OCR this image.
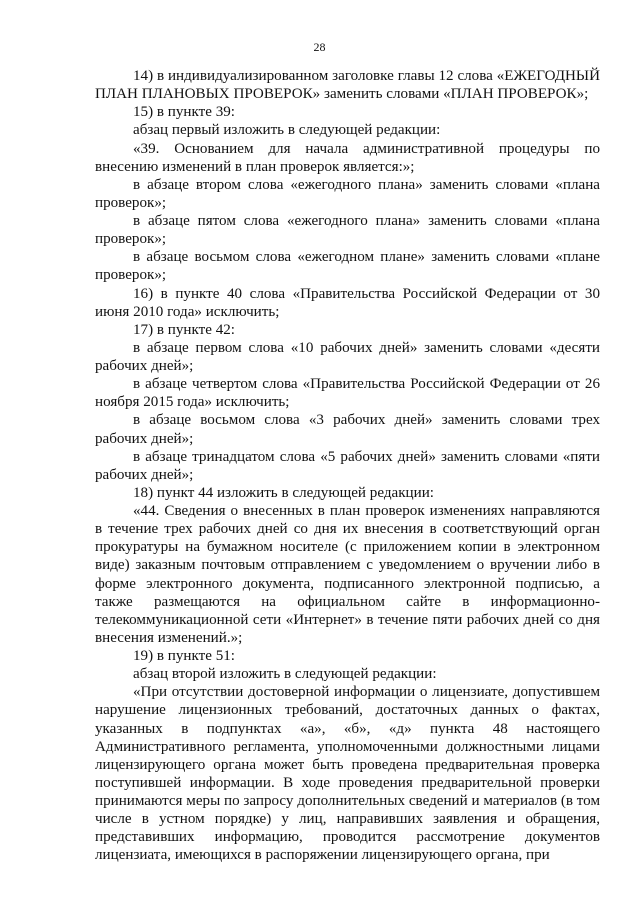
28

14) в индивидуализированном заголовке главы 12 слова «ЕЖЕГОДНЫЙ ПЛАН ПЛАНОВЫХ ПРОВЕРОК» заменить словами «ПЛАН ПРОВЕРОК»;

15) в пункте 39:

абзац первый изложить в следующей редакции:

«39. Основанием для начала административной процедуры по внесению изменений в план проверок является:»;

в абзаце втором слова «ежегодного плана» заменить словами «плана проверок»;

в абзаце пятом слова «ежегодного плана» заменить словами «плана проверок»;

в абзаце восьмом слова «ежегодном плане» заменить словами «плане проверок»;

16) в пункте 40 слова «Правительства Российской Федерации от 30 июня 2010 года» исключить;

17) в пункте 42:

в абзаце первом слова «10 рабочих дней» заменить словами «десяти рабочих дней»;

в абзаце четвертом слова «Правительства Российской Федерации от 26 ноября 2015 года» исключить;

в абзаце восьмом слова «3 рабочих дней» заменить словами трех рабочих дней»;

в абзаце тринадцатом слова «5 рабочих дней» заменить словами «пяти рабочих дней»;

18) пункт 44 изложить в следующей редакции:

«44. Сведения о внесенных в план проверок изменениях направляются в течение трех рабочих дней со дня их внесения в соответствующий орган прокуратуры на бумажном носителе (с приложением копии в электронном виде) заказным почтовым отправлением с уведомлением о вручении либо в форме электронного документа, подписанного электронной подписью, а также размещаются на официальном сайте в информационно-телекоммуникационной сети «Интернет» в течение пяти рабочих дней со дня внесения изменений.»;

19) в пункте 51:

абзац второй изложить в следующей редакции:

«При отсутствии достоверной информации о лицензиате, допустившем нарушение лицензионных требований, достаточных данных о фактах, указанных в подпунктах «а», «б», «д» пункта 48 настоящего Административного регламента, уполномоченными должностными лицами лицензирующего органа может быть проведена предварительная проверка поступившей информации. В ходе проведения предварительной проверки принимаются меры по запросу дополнительных сведений и материалов (в том числе в устном порядке) у лиц, направивших заявления и обращения, представивших информацию, проводится рассмотрение документов лицензиата, имеющихся в распоряжении лицензирующего органа, при
